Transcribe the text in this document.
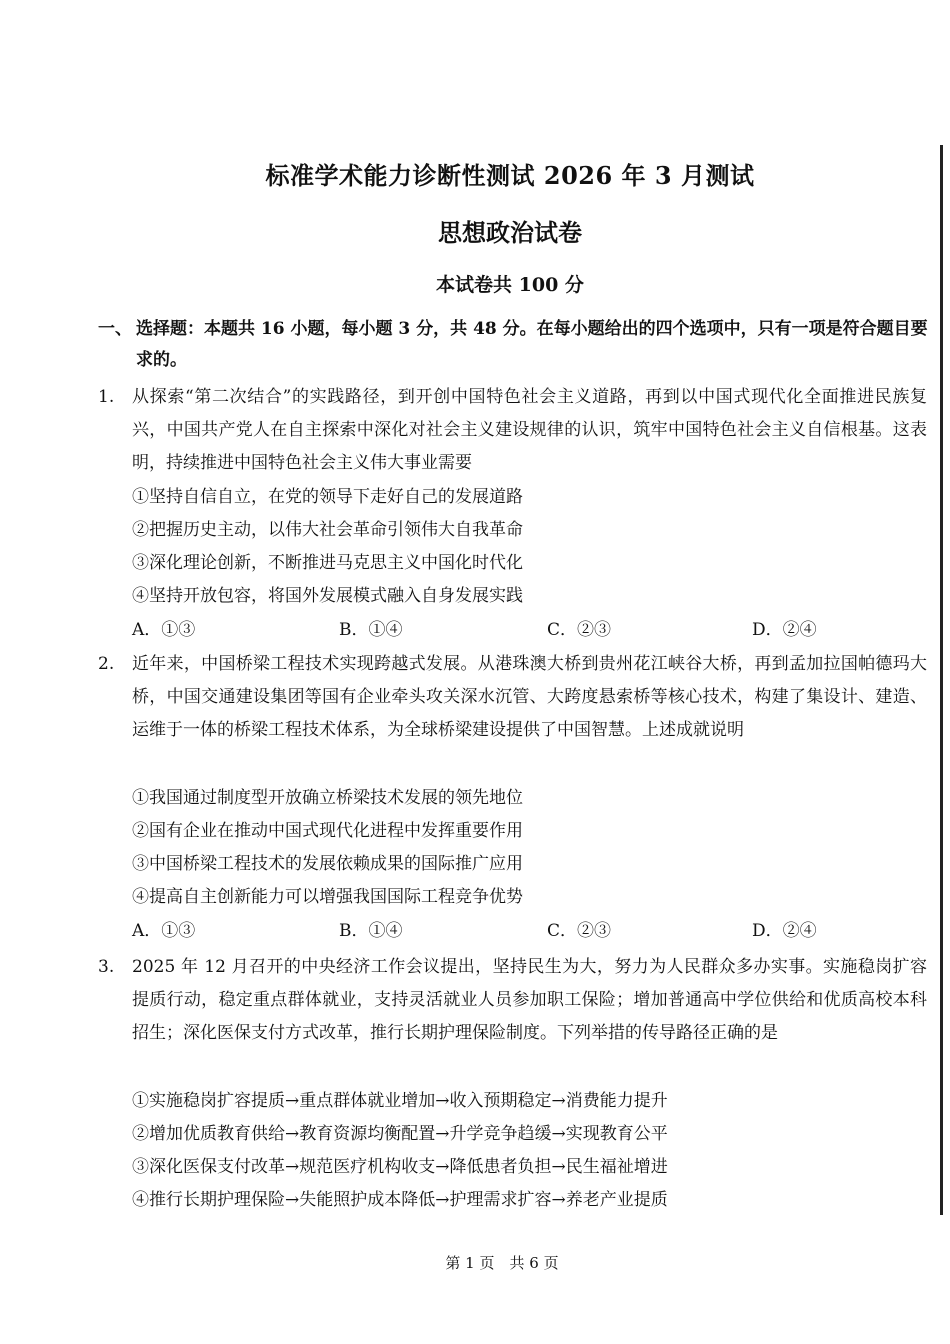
标准学术能力诊断性测试 2026 年 3 月测试
思想政治试卷
本试卷共 100 分
一、 选择题：本题共 16 小题，每小题 3 分，共 48 分。在每小题给出的四个选项中，只有一项是符合题目要求的。
1. 从探索“第二次结合”的实践路径，到开创中国特色社会主义道路，再到以中国式现代化全面推进民族复兴，中国共产党人在自主探索中深化对社会主义建设规律的认识，筑牢中国特色社会主义自信根基。这表明，持续推进中国特色社会主义伟大事业需要
①坚持自信自立，在党的领导下走好自己的发展道路
②把握历史主动，以伟大社会革命引领伟大自我革命
③深化理论创新，不断推进马克思主义中国化时代化
④坚持开放包容，将国外发展模式融入自身发展实践
A．①③	B．①④	C．②③	D．②④
2. 近年来，中国桥梁工程技术实现跨越式发展。从港珠澳大桥到贵州花江峡谷大桥，再到孟加拉国帕德玛大桥，中国交通建设集团等国有企业牵头攻关深水沉管、大跨度悬索桥等核心技术，构建了集设计、建造、运维于一体的桥梁工程技术体系，为全球桥梁建设提供了中国智慧。上述成就说明
①我国通过制度型开放确立桥梁技术发展的领先地位
②国有企业在推动中国式现代化进程中发挥重要作用
③中国桥梁工程技术的发展依赖成果的国际推广应用
④提高自主创新能力可以增强我国国际工程竞争优势
A．①③	B．①④	C．②③	D．②④
3. 2025 年 12 月召开的中央经济工作会议提出，坚持民生为大，努力为人民群众多办实事。实施稳岗扩容提质行动，稳定重点群体就业，支持灵活就业人员参加职工保险；增加普通高中学位供给和优质高校本科招生；深化医保支付方式改革，推行长期护理保险制度。下列举措的传导路径正确的是
①实施稳岗扩容提质→重点群体就业增加→收入预期稳定→消费能力提升
②增加优质教育供给→教育资源均衡配置→升学竞争趋缓→实现教育公平
③深化医保支付改革→规范医疗机构收支→降低患者负担→民生福祉增进
④推行长期护理保险→失能照护成本降低→护理需求扩容→养老产业提质
第 1 页　共 6 页
